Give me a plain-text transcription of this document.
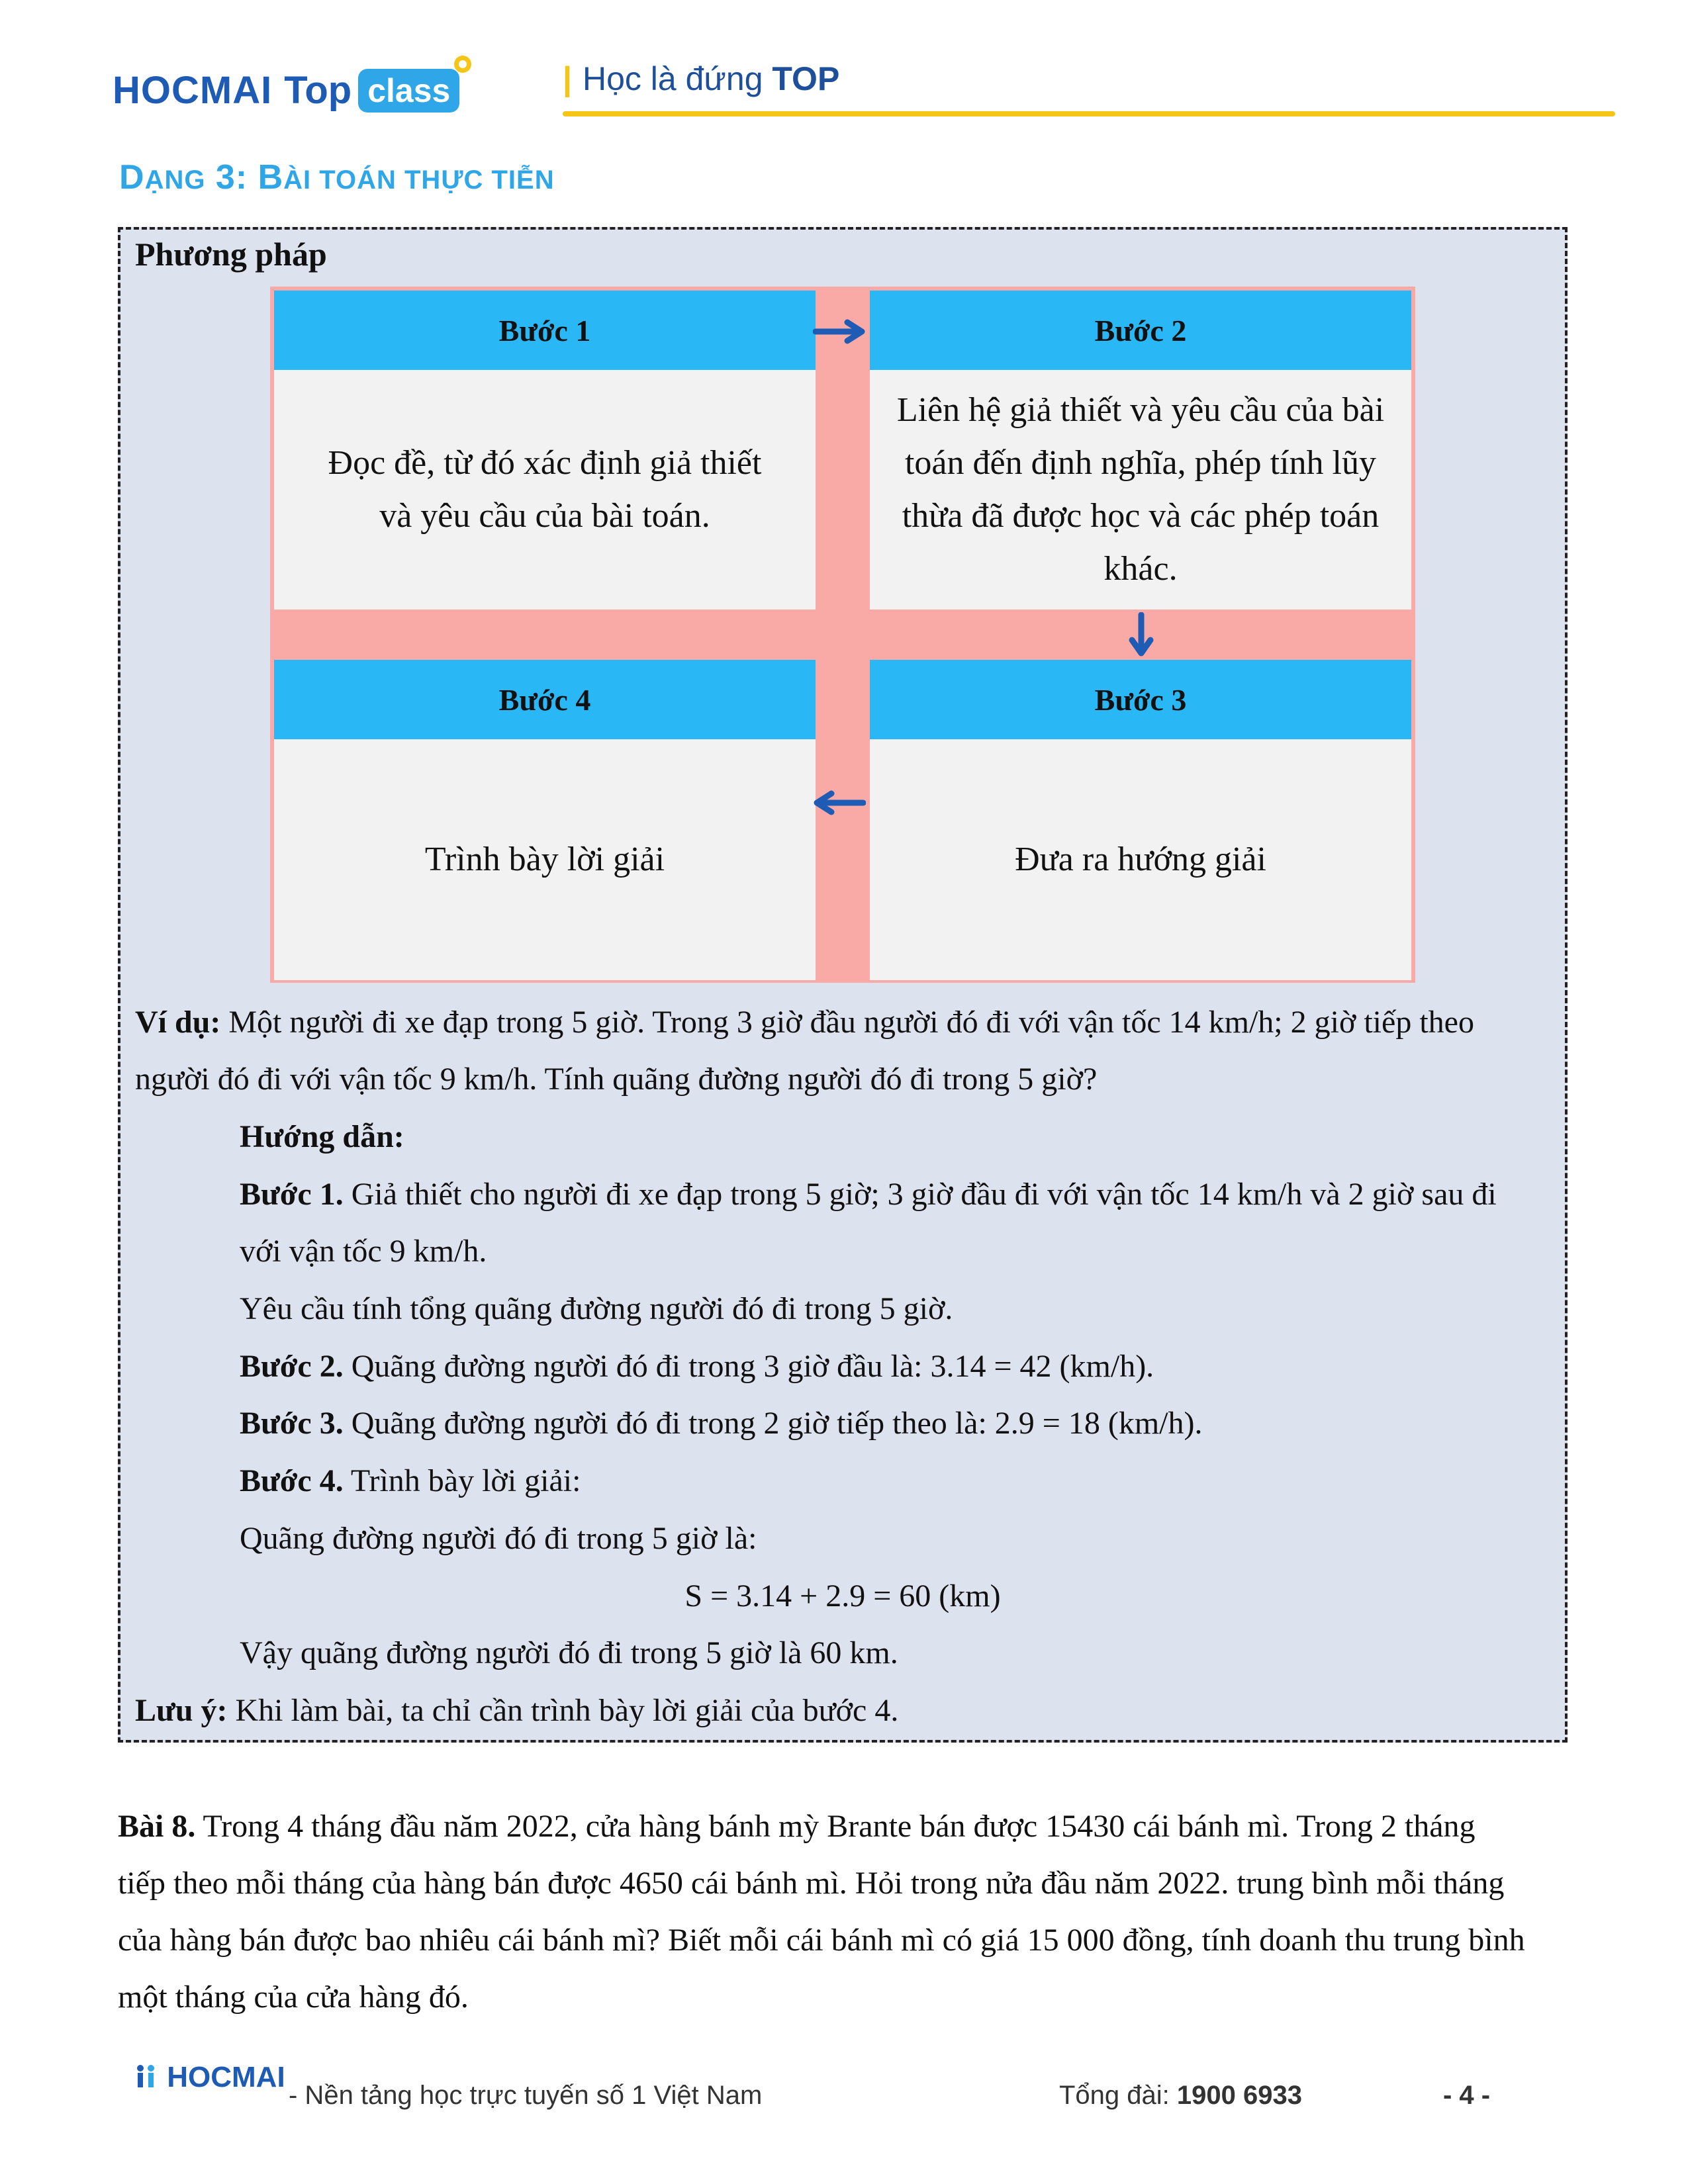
HOCMAI Top class	| Học là đứng TOP
DẠNG 3: BÀI TOÁN THỰC TIỄN
Phương pháp
Bước 1
Đọc đề, từ đó xác định giả thiết
và yêu cầu của bài toán.
Bước 2
Liên hệ giả thiết và yêu cầu của bài
toán đến định nghĩa, phép tính lũy
thừa đã được học và các phép toán
khác.
Bước 4
Trình bày lời giải
Bước 3
Đưa ra hướng giải
Ví dụ: Một người đi xe đạp trong 5 giờ. Trong 3 giờ đầu người đó đi với vận tốc 14 km/h; 2 giờ tiếp theo
người đó đi với vận tốc 9 km/h. Tính quãng đường người đó đi trong 5 giờ?
Hướng dẫn:
Bước 1. Giả thiết cho người đi xe đạp trong 5 giờ; 3 giờ đầu đi với vận tốc 14 km/h và 2 giờ sau đi
với vận tốc 9 km/h.
Yêu cầu tính tổng quãng đường người đó đi trong 5 giờ.
Bước 2. Quãng đường người đó đi trong 3 giờ đầu là: 3.14 = 42 (km/h).
Bước 3. Quãng đường người đó đi trong 2 giờ tiếp theo là: 2.9 = 18 (km/h).
Bước 4. Trình bày lời giải:
Quãng đường người đó đi trong 5 giờ là:
S = 3.14 + 2.9 = 60 (km)
Vậy quãng đường người đó đi trong 5 giờ là 60 km.
Lưu ý: Khi làm bài, ta chỉ cần trình bày lời giải của bước 4.
Bài 8. Trong 4 tháng đầu năm 2022, cửa hàng bánh mỳ Brante bán được 15430 cái bánh mì. Trong 2 tháng
tiếp theo mỗi tháng của hàng bán được 4650 cái bánh mì. Hỏi trong nửa đầu năm 2022. trung bình mỗi tháng
của hàng bán được bao nhiêu cái bánh mì? Biết mỗi cái bánh mì có giá 15 000 đồng, tính doanh thu trung bình
một tháng của cửa hàng đó.
HOCMAI
- Nền tảng học trực tuyến số 1 Việt Nam	Tổng đài: 1900 6933	- 4 -
